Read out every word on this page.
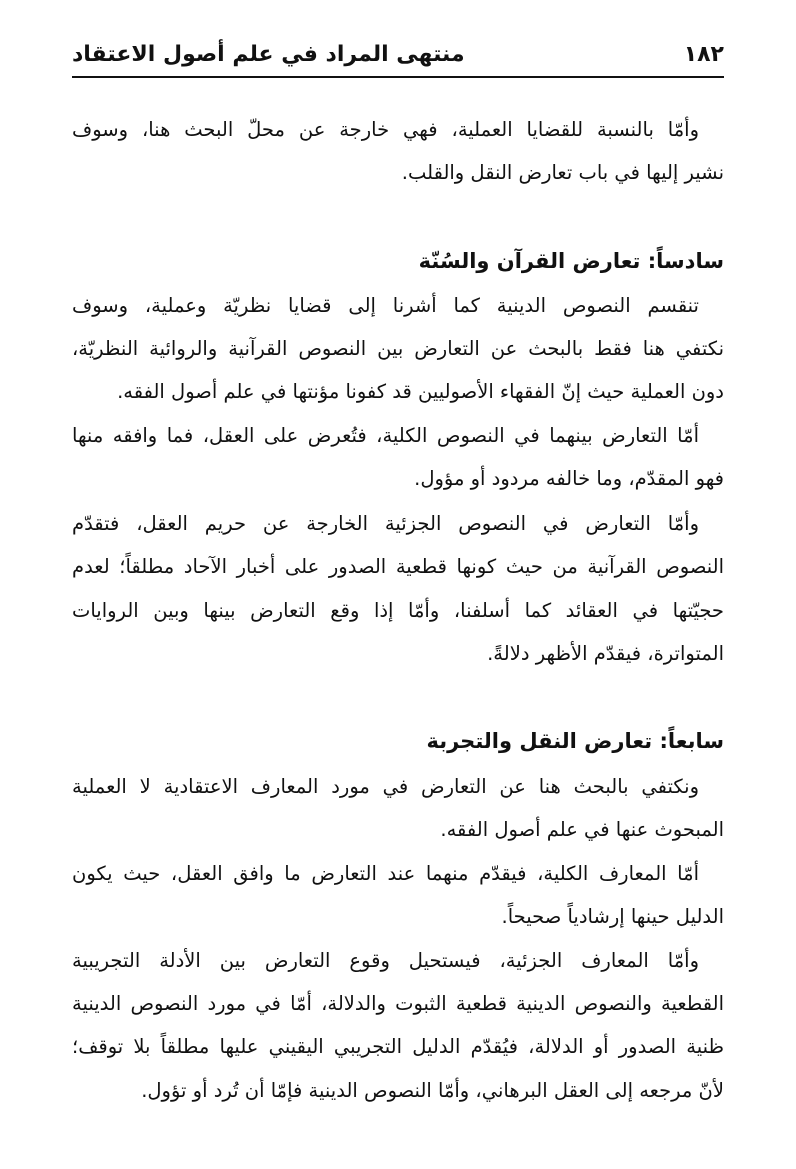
١٨٢
منتهى المراد في علم أصول الاعتقاد
وأمّا بالنسبة للقضايا العملية، فهي خارجة عن محلّ البحث هنا، وسوف
نشير إليها في باب تعارض النقل والقلب.
سادساً: تعارض القرآن والسُنّة
تنقسم النصوص الدينية كما أشرنا إلى قضايا نظريّة وعملية، وسوف
نكتفي هنا فقط بالبحث عن التعارض بين النصوص القرآنية والروائية النظريّة،
دون العملية حيث إنّ الفقهاء الأصوليين قد كفونا مؤنتها في علم أصول الفقه.
أمّا التعارض بينهما في النصوص الكلية، فتُعرض على العقل، فما وافقه منها
فهو المقدّم، وما خالفه مردود أو مؤول.
وأمّا التعارض في النصوص الجزئية الخارجة عن حريم العقل، فتقدّم
النصوص القرآنية من حيث كونها قطعية الصدور على أخبار الآحاد مطلقاً؛ لعدم
حجيّتها في العقائد كما أسلفنا، وأمّا إذا وقع التعارض بينها وبين الروايات
المتواترة، فيقدّم الأظهر دلالةً.
سابعاً: تعارض النقل والتجربة
ونكتفي بالبحث هنا عن التعارض في مورد المعارف الاعتقادية لا العملية
المبحوث عنها في علم أصول الفقه.
أمّا المعارف الكلية، فيقدّم منهما عند التعارض ما وافق العقل، حيث يكون
الدليل حينها إرشادياً صحيحاً.
وأمّا المعارف الجزئية، فيستحيل وقوع التعارض بين الأدلة التجريبية
القطعية والنصوص الدينية قطعية الثبوت والدلالة، أمّا في مورد النصوص الدينية
ظنية الصدور أو الدلالة، فيُقدّم الدليل التجريبي اليقيني عليها مطلقاً بلا توقف؛
لأنّ مرجعه إلى العقل البرهاني، وأمّا النصوص الدينية فإمّا أن تُرد أو تؤول.
